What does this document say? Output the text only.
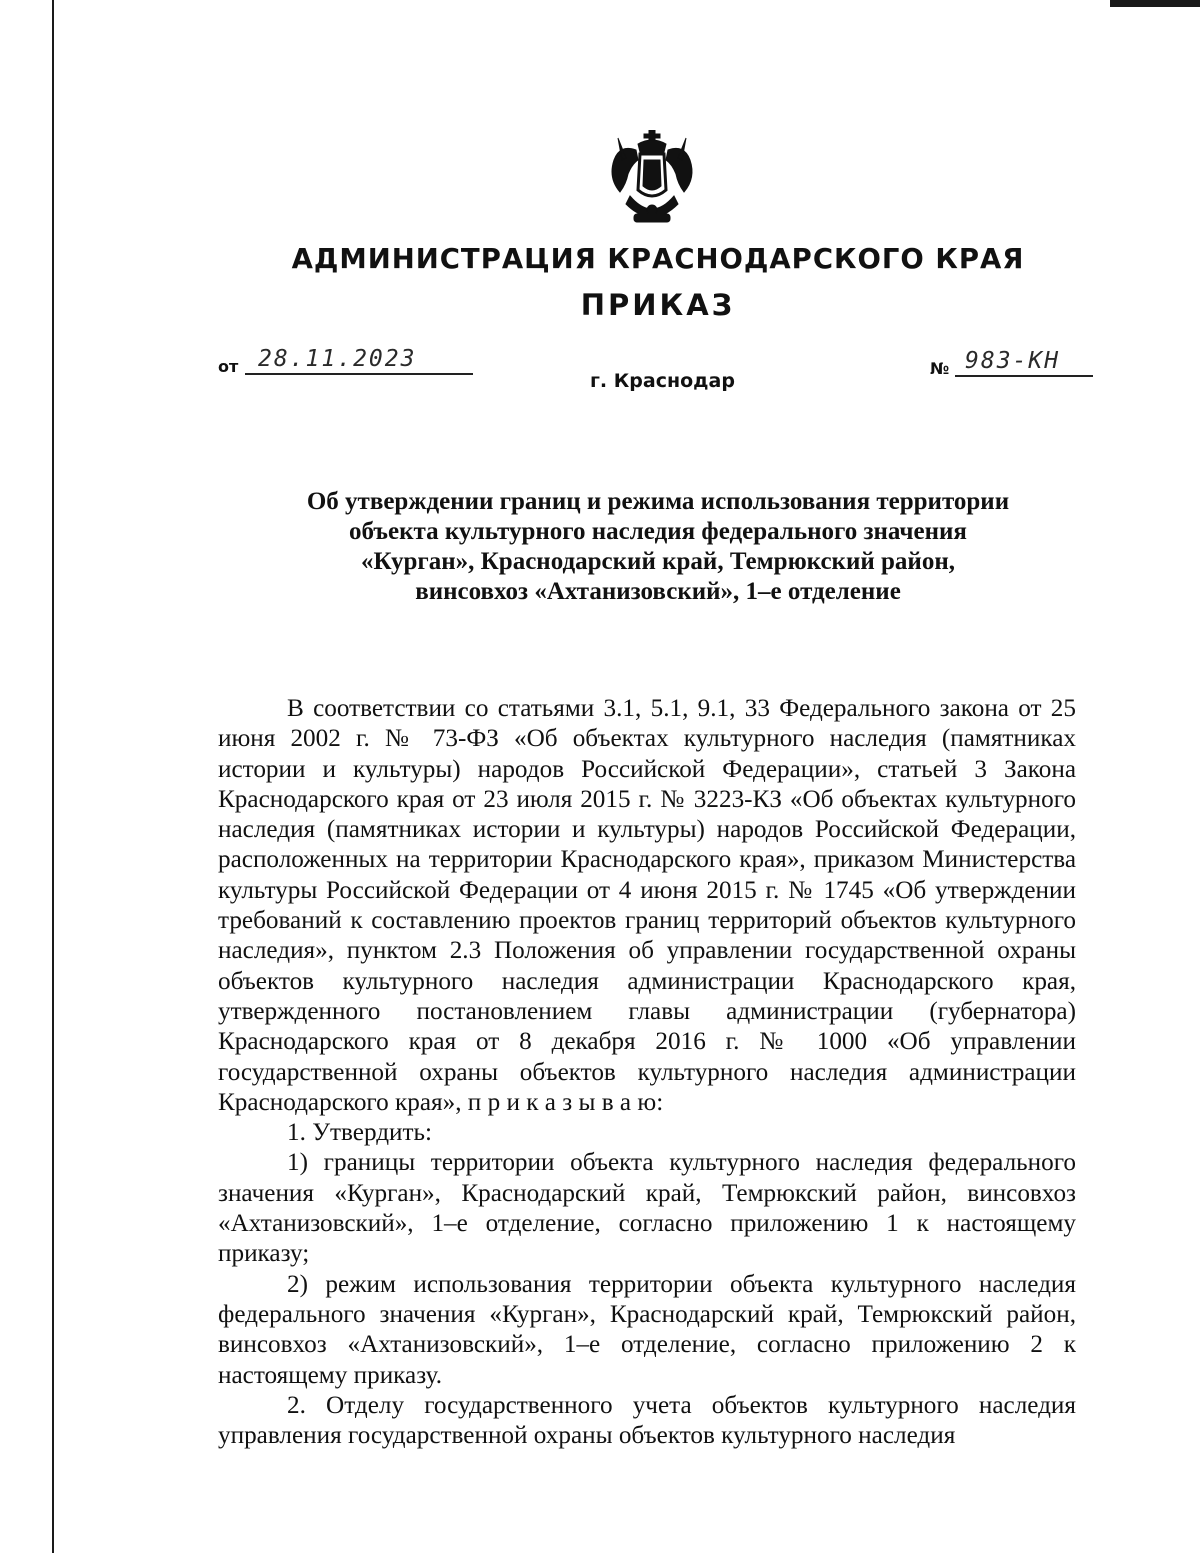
АДМИНИСТРАЦИЯ КРАСНОДАРСКОГО КРАЯ
ПРИКАЗ
от 28.11.2023	№ 983-КН
г. Краснодар
Об утверждении границ и режима использования территории
объекта культурного наследия федерального значения
«Курган», Краснодарский край, Темрюкский район,
винсовхоз «Ахтанизовский», 1–е отделение

В соответствии со статьями 3.1, 5.1, 9.1, 33 Федерального закона от 25 июня 2002 г. № 73-ФЗ «Об объектах культурного наследия (памятниках истории и культуры) народов Российской Федерации», статьей 3 Закона Краснодарского края от 23 июля 2015 г. № 3223-КЗ «Об объектах культурного наследия (памятниках истории и культуры) народов Российской Федерации, расположенных на территории Краснодарского края», приказом Министерства культуры Российской Федерации от 4 июня 2015 г. № 1745 «Об утверждении требований к составлению проектов границ территорий объектов культурного наследия», пунктом 2.3 Положения об управлении государственной охраны объектов культурного наследия администрации Краснодарского края, утвержденного постановлением главы администрации (губернатора) Краснодарского края от 8 декабря 2016 г. № 1000 «Об управлении государственной охраны объектов культурного наследия администрации Краснодарского края», п р и к а з ы в а ю:

1. Утвердить:

1) границы территории объекта культурного наследия федерального значения «Курган», Краснодарский край, Темрюкский район, винсовхоз «Ахтанизовский», 1–е отделение, согласно приложению 1 к настоящему приказу;

2) режим использования территории объекта культурного наследия федерального значения «Курган», Краснодарский край, Темрюкский район, винсовхоз «Ахтанизовский», 1–е отделение, согласно приложению 2 к настоящему приказу.

2. Отделу государственного учета объектов культурного наследия управления государственной охраны объектов культурного наследия
